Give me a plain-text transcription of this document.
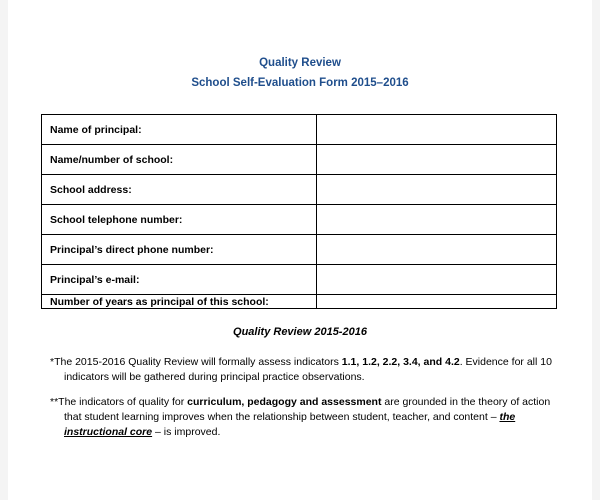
Quality Review
School Self-Evaluation Form 2015–2016
Name of principal:	
Name/number of school:	
School address:	
School telephone number:	
Principal’s direct phone number:	
Principal’s e-mail:	
Number of years as principal of this school:	
Quality Review 2015-2016
*The 2015-2016 Quality Review will formally assess indicators 1.1, 1.2, 2.2, 3.4, and 4.2. Evidence for all 10
indicators will be gathered during principal practice observations.
**The indicators of quality for curriculum, pedagogy and assessment are grounded in the theory of action
that student learning improves when the relationship between student, teacher, and content – the
instructional core – is improved.
